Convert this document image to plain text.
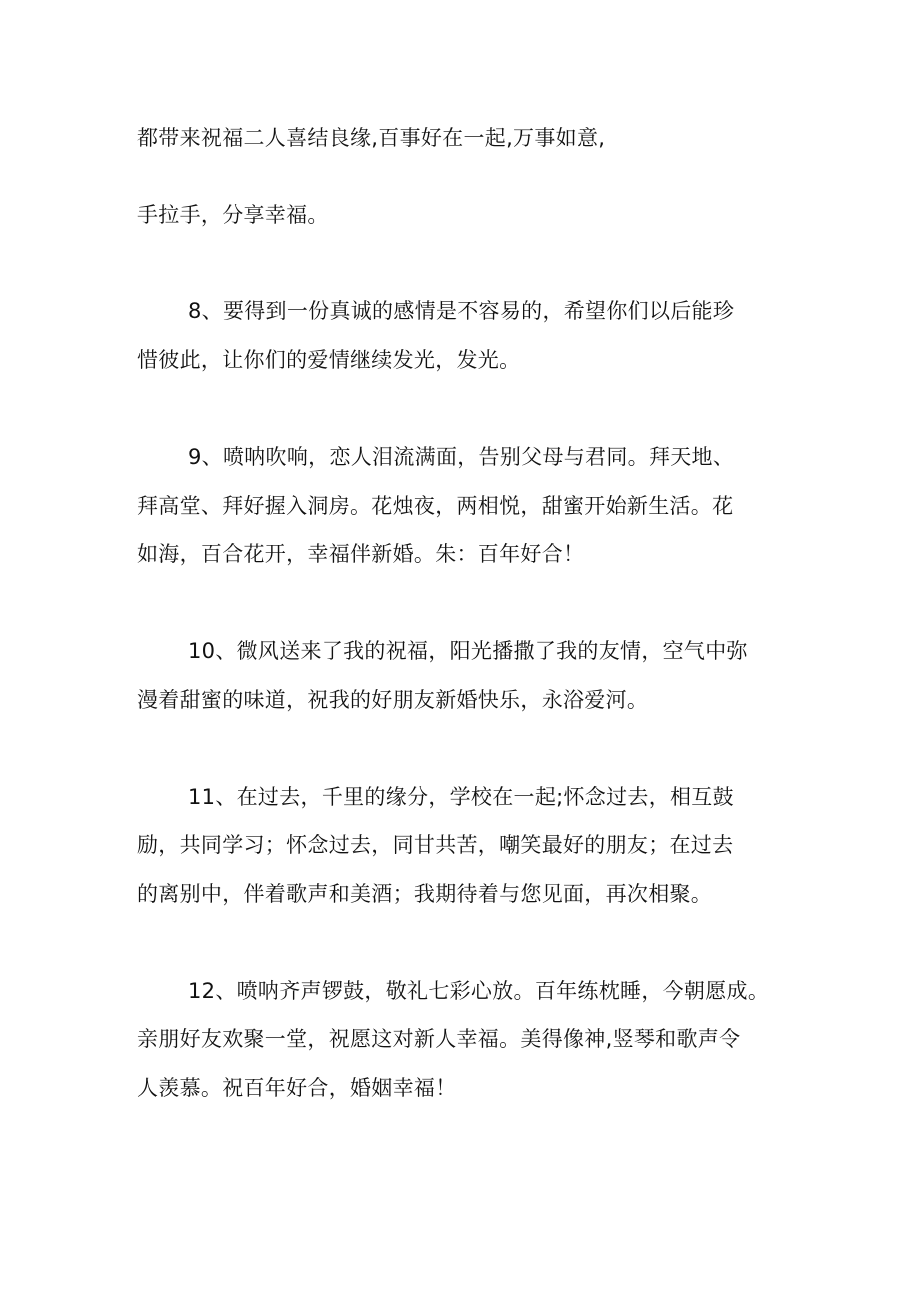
都带来祝福二人喜结良缘,百事好在一起,万事如意,
手拉手，分享幸福。
8、要得到一份真诚的感情是不容易的，希望你们以后能珍
惜彼此，让你们的爱情继续发光，发光。
9、喷呐吹响，恋人泪流满面，告别父母与君同。拜天地、
拜高堂、拜好握入洞房。花烛夜，两相悦，甜蜜开始新生活。花
如海，百合花开，幸福伴新婚。朱：百年好合！
10、微风送来了我的祝福，阳光播撒了我的友情，空气中弥
漫着甜蜜的味道，祝我的好朋友新婚快乐，永浴爱河。
11、在过去，千里的缘分，学校在一起;怀念过去，相互鼓
励，共同学习；怀念过去，同甘共苦，嘲笑最好的朋友；在过去
的离别中，伴着歌声和美酒；我期待着与您见面，再次相聚。
12、喷呐齐声锣鼓，敬礼七彩心放。百年练枕睡，今朝愿成。
亲朋好友欢聚一堂，祝愿这对新人幸福。美得像神,竖琴和歌声令
人羡慕。祝百年好合，婚姻幸福！
